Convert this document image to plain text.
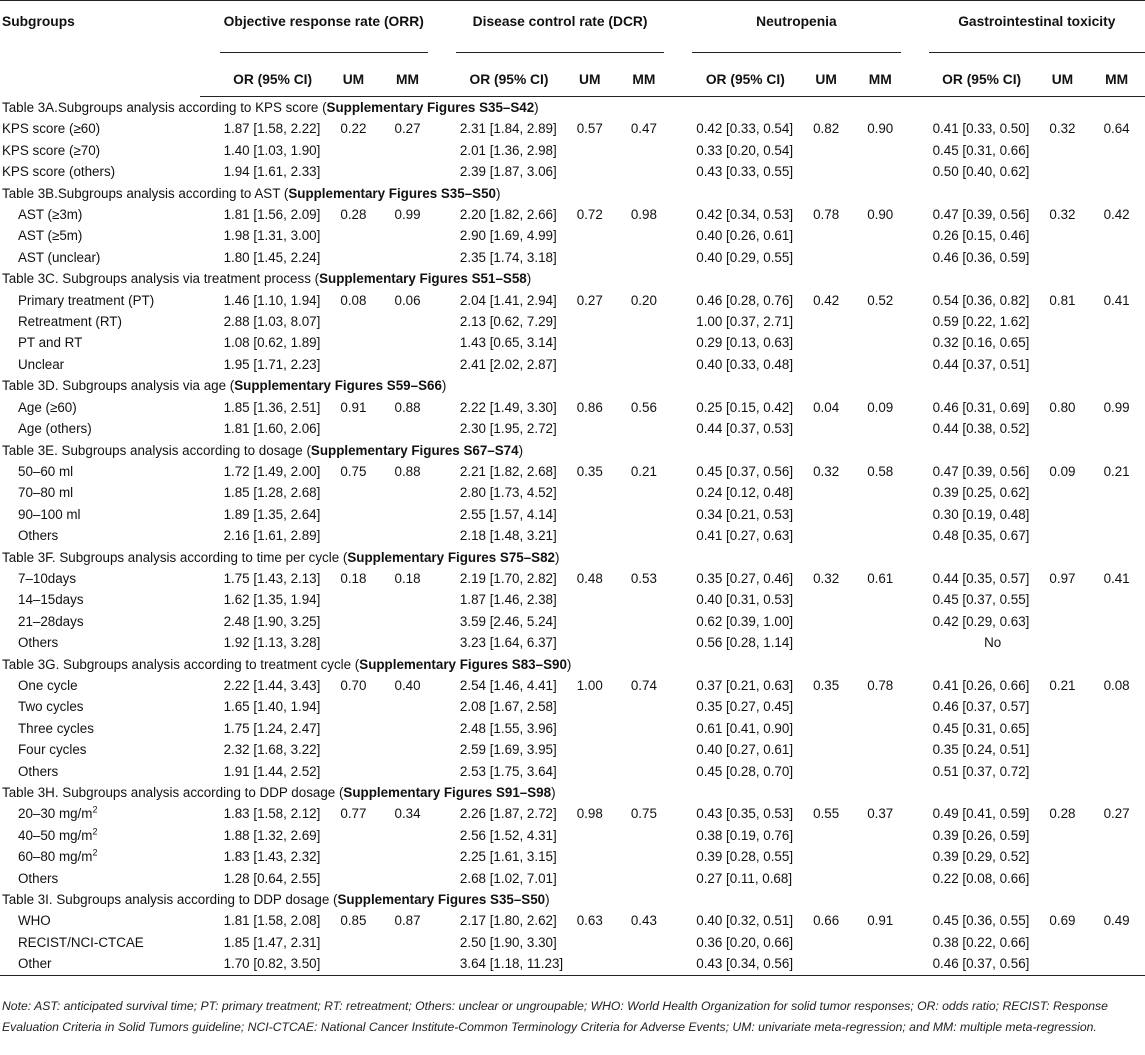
Subgroups	Objective response rate (ORR)			Disease control rate (DCR)			Neutropenia			Gastrointestinal toxicity		

	OR (95% CI)	UM	MM	OR (95% CI)	UM	MM	OR (95% CI)	UM	MM	OR (95% CI)	UM	MM
Table 3A.Subgroups analysis according to KPS score (Supplementary Figures S35–S42)												
KPS score (≥60)	1.87 [1.58, 2.22]	0.22	0.27	2.31 [1.84, 2.89]	0.57	0.47	0.42 [0.33, 0.54]	0.82	0.90	0.41 [0.33, 0.50]	0.32	0.64
KPS score (≥70)	1.40 [1.03, 1.90]			2.01 [1.36, 2.98]			0.33 [0.20, 0.54]			0.45 [0.31, 0.66]		
KPS score (others)	1.94 [1.61, 2.33]			2.39 [1.87, 3.06]			0.43 [0.33, 0.55]			0.50 [0.40, 0.62]		
Table 3B.Subgroups analysis according to AST (Supplementary Figures S35–S50)												
AST (≥3m)	1.81 [1.56, 2.09]	0.28	0.99	2.20 [1.82, 2.66]	0.72	0.98	0.42 [0.34, 0.53]	0.78	0.90	0.47 [0.39, 0.56]	0.32	0.42
AST (≥5m)	1.98 [1.31, 3.00]			2.90 [1.69, 4.99]			0.40 [0.26, 0.61]			0.26 [0.15, 0.46]		
AST (unclear)	1.80 [1.45, 2.24]			2.35 [1.74, 3.18]			0.40 [0.29, 0.55]			0.46 [0.36, 0.59]		
Table 3C. Subgroups analysis via treatment process (Supplementary Figures S51–S58)												
Primary treatment (PT)	1.46 [1.10, 1.94]	0.08	0.06	2.04 [1.41, 2.94]	0.27	0.20	0.46 [0.28, 0.76]	0.42	0.52	0.54 [0.36, 0.82]	0.81	0.41
Retreatment (RT)	2.88 [1.03, 8.07]			2.13 [0.62, 7.29]			1.00 [0.37, 2.71]			0.59 [0.22, 1.62]		
PT and RT	1.08 [0.62, 1.89]			1.43 [0.65, 3.14]			0.29 [0.13, 0.63]			0.32 [0.16, 0.65]		
Unclear	1.95 [1.71, 2.23]			2.41 [2.02, 2.87]			0.40 [0.33, 0.48]			0.44 [0.37, 0.51]		
Table 3D. Subgroups analysis via age (Supplementary Figures S59–S66)												
Age (≥60)	1.85 [1.36, 2.51]	0.91	0.88	2.22 [1.49, 3.30]	0.86	0.56	0.25 [0.15, 0.42]	0.04	0.09	0.46 [0.31, 0.69]	0.80	0.99
Age (others)	1.81 [1.60, 2.06]			2.30 [1.95, 2.72]			0.44 [0.37, 0.53]			0.44 [0.38, 0.52]		
Table 3E. Subgroups analysis according to dosage (Supplementary Figures S67–S74)												
50–60 ml	1.72 [1.49, 2.00]	0.75	0.88	2.21 [1.82, 2.68]	0.35	0.21	0.45 [0.37, 0.56]	0.32	0.58	0.47 [0.39, 0.56]	0.09	0.21
70–80 ml	1.85 [1.28, 2.68]			2.80 [1.73, 4.52]			0.24 [0.12, 0.48]			0.39 [0.25, 0.62]		
90–100 ml	1.89 [1.35, 2.64]			2.55 [1.57, 4.14]			0.34 [0.21, 0.53]			0.30 [0.19, 0.48]		
Others	2.16 [1.61, 2.89]			2.18 [1.48, 3.21]			0.41 [0.27, 0.63]			0.48 [0.35, 0.67]		
Table 3F. Subgroups analysis according to time per cycle (Supplementary Figures S75–S82)												
7–10days	1.75 [1.43, 2.13]	0.18	0.18	2.19 [1.70, 2.82]	0.48	0.53	0.35 [0.27, 0.46]	0.32	0.61	0.44 [0.35, 0.57]	0.97	0.41
14–15days	1.62 [1.35, 1.94]			1.87 [1.46, 2.38]			0.40 [0.31, 0.53]			0.45 [0.37, 0.55]		
21–28days	2.48 [1.90, 3.25]			3.59 [2.46, 5.24]			0.62 [0.39, 1.00]			0.42 [0.29, 0.63]		
Others	1.92 [1.13, 3.28]			3.23 [1.64, 6.37]			0.56 [0.28, 1.14]			No		
Table 3G. Subgroups analysis according to treatment cycle (Supplementary Figures S83–S90)												
One cycle	2.22 [1.44, 3.43]	0.70	0.40	2.54 [1.46, 4.41]	1.00	0.74	0.37 [0.21, 0.63]	0.35	0.78	0.41 [0.26, 0.66]	0.21	0.08
Two cycles	1.65 [1.40, 1.94]			2.08 [1.67, 2.58]			0.35 [0.27, 0.45]			0.46 [0.37, 0.57]		
Three cycles	1.75 [1.24, 2.47]			2.48 [1.55, 3.96]			0.61 [0.41, 0.90]			0.45 [0.31, 0.65]		
Four cycles	2.32 [1.68, 3.22]			2.59 [1.69, 3.95]			0.40 [0.27, 0.61]			0.35 [0.24, 0.51]		
Others	1.91 [1.44, 2.52]			2.53 [1.75, 3.64]			0.45 [0.28, 0.70]			0.51 [0.37, 0.72]		
Table 3H. Subgroups analysis according to DDP dosage (Supplementary Figures S91–S98)												
20–30 $mg/m^2$	1.83 [1.58, 2.12]	0.77	0.34	2.26 [1.87, 2.72]	0.98	0.75	0.43 [0.35, 0.53]	0.55	0.37	0.49 [0.41, 0.59]	0.28	0.27
40–50 $mg/m^2$	1.88 [1.32, 2.69]			2.56 [1.52, 4.31]			0.38 [0.19, 0.76]			0.39 [0.26, 0.59]		
60–80 $mg/m^2$	1.83 [1.43, 2.32]			2.25 [1.61, 3.15]			0.39 [0.28, 0.55]			0.39 [0.29, 0.52]		
Others	1.28 [0.64, 2.55]			2.68 [1.02, 7.01]			0.27 [0.11, 0.68]			0.22 [0.08, 0.66]		
Table 3I. Subgroups analysis according to DDP dosage (Supplementary Figures S35–S50)												
WHO	1.81 [1.58, 2.08]	0.85	0.87	2.17 [1.80, 2.62]	0.63	0.43	0.40 [0.32, 0.51]	0.66	0.91	0.45 [0.36, 0.55]	0.69	0.49
RECIST/NCI-CTCAE	1.85 [1.47, 2.31]			2.50 [1.90, 3.30]			0.36 [0.20, 0.66]			0.38 [0.22, 0.66]		
Other	1.70 [0.82, 3.50]			3.64 [1.18, 11.23]			0.43 [0.34, 0.56]			0.46 [0.37, 0.56]		
Note: AST: anticipated survival time; PT: primary treatment; RT: retreatment; Others: unclear or ungroupable; WHO: World Health Organization for solid tumor responses; OR: odds ratio; RECIST: Response Evaluation Criteria in Solid Tumors guideline; NCI-CTCAE: National Cancer Institute-Common Terminology Criteria for Adverse Events; UM: univariate meta-regression; and MM: multiple meta-regression.
